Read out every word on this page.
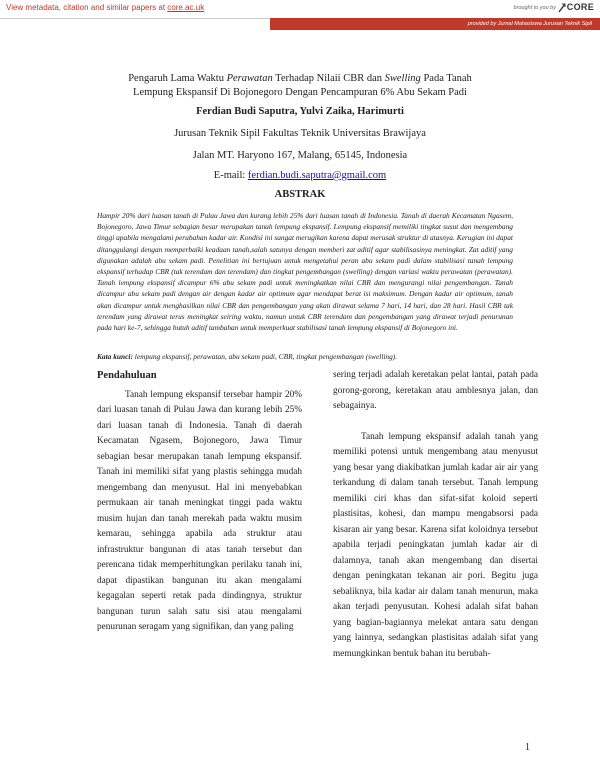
View metadata, citation and similar papers at core.ac.uk	brought to you by CORE
provided by Jurnal Mahasiswa Jurusan Teknik Sipil
Pengaruh Lama Waktu Perawatan Terhadap Nilaii CBR dan Swelling Pada Tanah
Lempung Ekspansif Di Bojonegoro Dengan Pencampuran 6% Abu Sekam Padi
Ferdian Budi Saputra, Yulvi Zaika, Harimurti
Jurusan Teknik Sipil Fakultas Teknik Universitas Brawijaya
Jalan MT. Haryono 167, Malang, 65145, Indonesia
E-mail: ferdian.budi.saputra@gmail.com
ABSTRAK

Hampir 20% dari luasan tanah di Pulau Jawa dan kurang lebih 25% dari luasan tanah di Indonesia. Tanah di daerah Kecamatan Ngasem, Bojonegoro, Jawa Timur sebagian besar merupakan tanah lempung ekspansif. Lempung ekspansif memiliki tingkat susut dan mengembang tinggi apabila mengalami perubahan kadar air. Kondisi ini sangat merugikan karena dapat merusak struktur di atasnya. Kerugian ini dapat ditanggulangi dengan memperbaiki keadaan tanah,salah satunya dengan memberi zat aditif agar stabilisasinya meningkat. Zat aditif yang digunakan adalah abu sekam padi. Penelitian ini bertujuan untuk mengetahui peran abu sekam padi dalam stabilisasi tanah lempung ekspansif terhadap CBR (tak terendam dan terendam) dan tingkat pengembangan (swelling) dengan variasi waktu perawatan (perawatan). Tanah lempung ekspansif dicampur 6% abu sekam padi untuk meningkatkan nilai CBR dan mengurangi nilai pengembangan. Tanah dicampur abu sekam padi dengan air dengan kadar air optimum agar mendapat berat isi maksimum. Dengan kadar air optimum, tanah akan dicampur untuk menghasilkan nilai CBR dan pengembangan yang akan dirawat selama 7 hari, 14 hari, dan 28 hari. Hasil CBR tak terendam yang dirawat terus meningkat seiring waktu, namun untuk CBR terendam dan pengembangan yang dirawat terjadi penurunan pada hari ke-7, sehingga butuh aditif tambahan untuk memperkuat stabilisasi tanah lempung ekspansif di Bojonegoro ini.

Kata kunci: lempung ekspansif, perawatan, abu sekam padi, CBR, tingkat pengembangan (swelling).

Pendahuluan

Tanah lempung ekspansif tersebar hampir 20% dari luasan tanah di Pulau Jawa dan kurang lebih 25% dari luasan tanah di Indonesia. Tanah di daerah Kecamatan Ngasem, Bojonegoro, Jawa Timur sebagian besar merupakan tanah lempung ekspansif. Tanah ini memiliki sifat yang plastis sehingga mudah mengembang dan menyusut. Hal ini menyebabkan permukaan air tanah meningkat tinggi pada waktu musim hujan dan tanah merekah pada waktu musim kemarau, sehingga apabila ada struktur atau infrastruktur bangunan di atas tanah tersebut dan perencana tidak memperhitungkan perilaku tanah ini, dapat dipastikan bangunan itu akan mengalami kegagalan seperti retak pada dindingnya, struktur bangunan turun salah satu sisi atau mengalami penurunan seragam yang signifikan, dan yang paling

sering terjadi adalah keretakan pelat lantai, patah pada gorong-gorong, keretakan atau amblesnya jalan, dan sebagainya.

Tanah lempung ekspansif adalah tanah yang memiliki potensi untuk mengembang atau menyusut yang besar yang diakibatkan jumlah kadar air air yang terkandung di dalam tanah tersebut. Tanah lempung memiliki ciri khas dan sifat-sifat koloid seperti plastisitas, kohesi, dan mampu mengabsorsi pada kisaran air yang besar. Karena sifat koloidnya tersebut apabila terjadi peningkatan jumlah kadar air di dalamnya, tanah akan mengembang dan disertai dengan peningkatan tekanan air pori. Begitu juga sebaliknya, bila kadar air dalam tanah menurun, maka akan terjadi penyusutan. Kohesi adalah sifat bahan yang bagian-bagiannya melekat antara satu dengan yang lainnya, sedangkan plastisitas adalah sifat yang memungkinkan bentuk bahan itu berubah-

1
